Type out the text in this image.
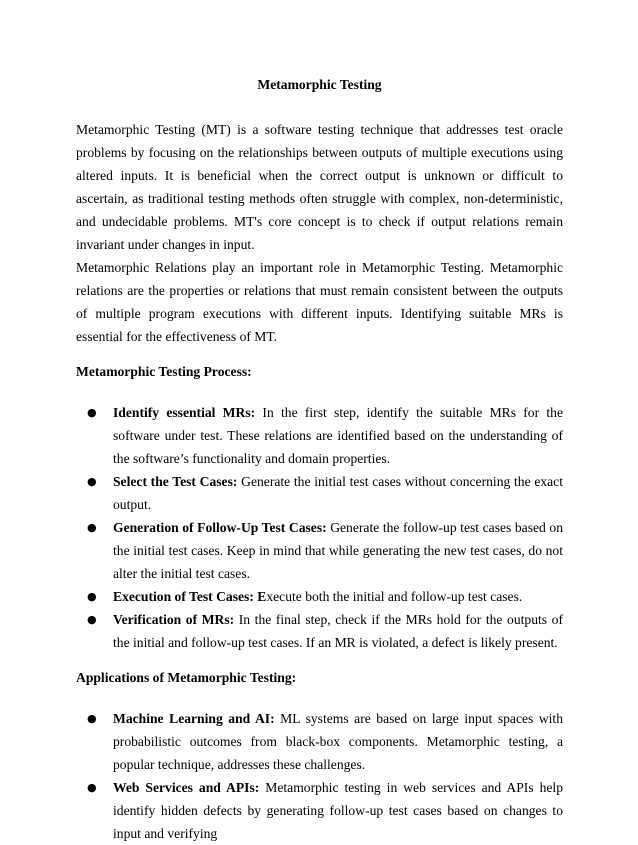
Metamorphic Testing

Metamorphic Testing (MT) is a software testing technique that addresses test oracle problems by focusing on the relationships between outputs of multiple executions using altered inputs. It is beneficial when the correct output is unknown or difficult to ascertain, as traditional testing methods often struggle with complex, non-deterministic, and undecidable problems. MT's core concept is to check if output relations remain invariant under changes in input.

Metamorphic Relations play an important role in Metamorphic Testing. Metamorphic relations are the properties or relations that must remain consistent between the outputs of multiple program executions with different inputs. Identifying suitable MRs is essential for the effectiveness of MT.

Metamorphic Testing Process:
● Identify essential MRs: In the first step, identify the suitable MRs for the software under test. These relations are identified based on the understanding of the software’s functionality and domain properties.
● Select the Test Cases: Generate the initial test cases without concerning the exact output.
● Generation of Follow-Up Test Cases: Generate the follow-up test cases based on the initial test cases. Keep in mind that while generating the new test cases, do not alter the initial test cases.
● Execution of Test Cases: Execute both the initial and follow-up test cases.
● Verification of MRs: In the final step, check if the MRs hold for the outputs of the initial and follow-up test cases. If an MR is violated, a defect is likely present.
Applications of Metamorphic Testing:
● Machine Learning and AI: ML systems are based on large input spaces with probabilistic outcomes from black-box components. Metamorphic testing, a popular technique, addresses these challenges.
● Web Services and APIs: Metamorphic testing in web services and APIs help identify hidden defects by generating follow-up test cases based on changes to input and verifying
